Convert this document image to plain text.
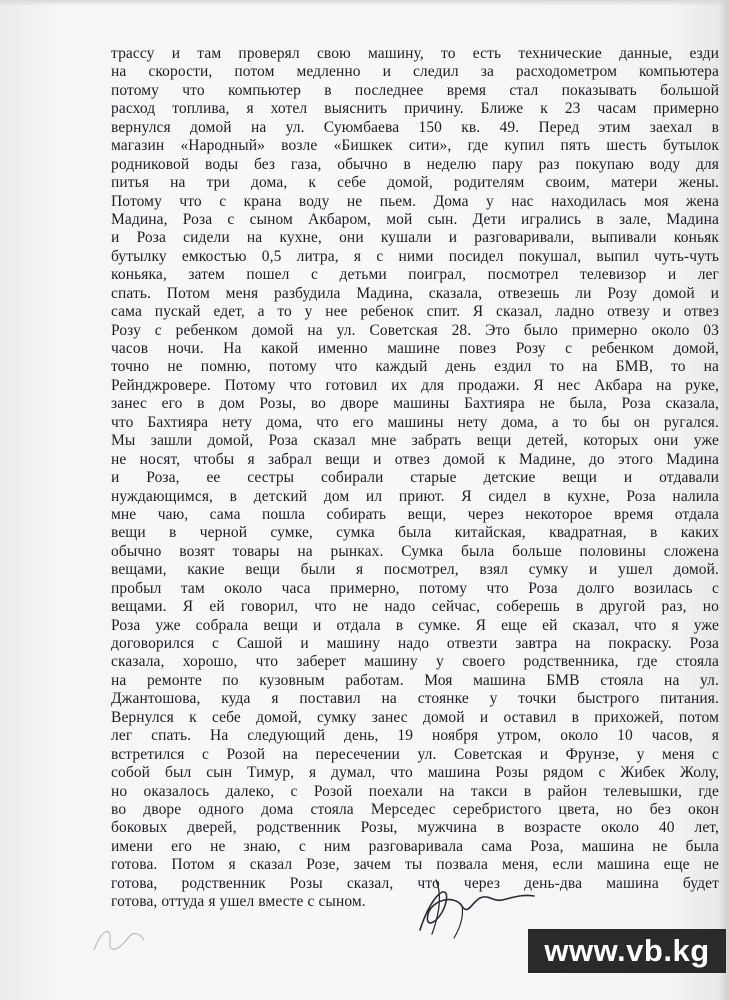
трассу и там проверял свою машину, то есть технические данные, езди
на скорости, потом медленно и следил за расходометром компьютера
потому что компьютер в последнее время стал показывать большой
расход топлива, я хотел выяснить причину. Ближе к 23 часам примерно
вернулся домой на ул. Суюмбаева 150 кв. 49. Перед этим заехал в
магазин «Народный» возле «Бишкек сити», где купил пять шесть бутылок
родниковой воды без газа, обычно в неделю пару раз покупаю воду для
питья на три дома, к себе домой, родителям своим, матери жены.
Потому что с крана воду не пьем. Дома у нас находилась моя жена
Мадина, Роза с сыном Акбаром, мой сын. Дети игрались в зале, Мадина
и Роза сидели на кухне, они кушали и разговаривали, выпивали коньяк
бутылку емкостью 0,5 литра, я с ними посидел покушал, выпил чуть-чуть
коньяка, затем пошел с детьми поиграл, посмотрел телевизор и лег
спать. Потом меня разбудила Мадина, сказала, отвезешь ли Розу домой и
сама пускай едет, а то у нее ребенок спит. Я сказал, ладно отвезу и отвез
Розу с ребенком домой на ул. Советская 28. Это было примерно около 03
часов ночи. На какой именно машине повез Розу с ребенком домой,
точно не помню, потому что каждый день ездил то на БМВ, то на
Рейнджровере. Потому что готовил их для продажи. Я нес Акбара на руке,
занес его в дом Розы, во дворе машины Бахтияра не была, Роза сказала,
что Бахтияра нету дома, что его машины нету дома, а то бы он ругался.
Мы зашли домой, Роза сказал мне забрать вещи детей, которых они уже
не носят, чтобы я забрал вещи и отвез домой к Мадине, до этого Мадина
и Роза, ее сестры собирали старые детские вещи и отдавали
нуждающимся, в детский дом ил приют. Я сидел в кухне, Роза налила
мне чаю, сама пошла собирать вещи, через некоторое время отдала
вещи в черной сумке, сумка была китайская, квадратная, в каких
обычно возят товары на рынках. Сумка была больше половины сложена
вещами, какие вещи были я посмотрел, взял сумку и ушел домой.
пробыл там около часа примерно, потому что Роза долго возилась с
вещами. Я ей говорил, что не надо сейчас, соберешь в другой раз, но
Роза уже собрала вещи и отдала в сумке. Я еще ей сказал, что я уже
договорился с Сашой и машину надо отвезти завтра на покраску. Роза
сказала, хорошо, что заберет машину у своего родственника, где стояла
на ремонте по кузовным работам. Моя машина БМВ стояла на ул.
Джантошова, куда я поставил на стоянке у точки быстрого питания.
Вернулся к себе домой, сумку занес домой и оставил в прихожей, потом
лег спать. На следующий день, 19 ноября утром, около 10 часов, я
встретился с Розой на пересечении ул. Советская и Фрунзе, у меня с
собой был сын Тимур, я думал, что машина Розы рядом с Жибек Жолу,
но оказалось далеко, с Розой поехали на такси в район телевышки, где
во дворе одного дома стояла Мерседес серебристого цвета, но без окон
боковых дверей, родственник Розы, мужчина в возрасте около 40 лет,
имени его не знаю, с ним разговаривала сама Роза, машина не была
готова. Потом я сказал Розе, зачем ты позвала меня, если машина еще не
готова, родственник Розы сказал, что через день-два машина будет
готова, оттуда я ушел вместе с сыном.
www.vb.kg
